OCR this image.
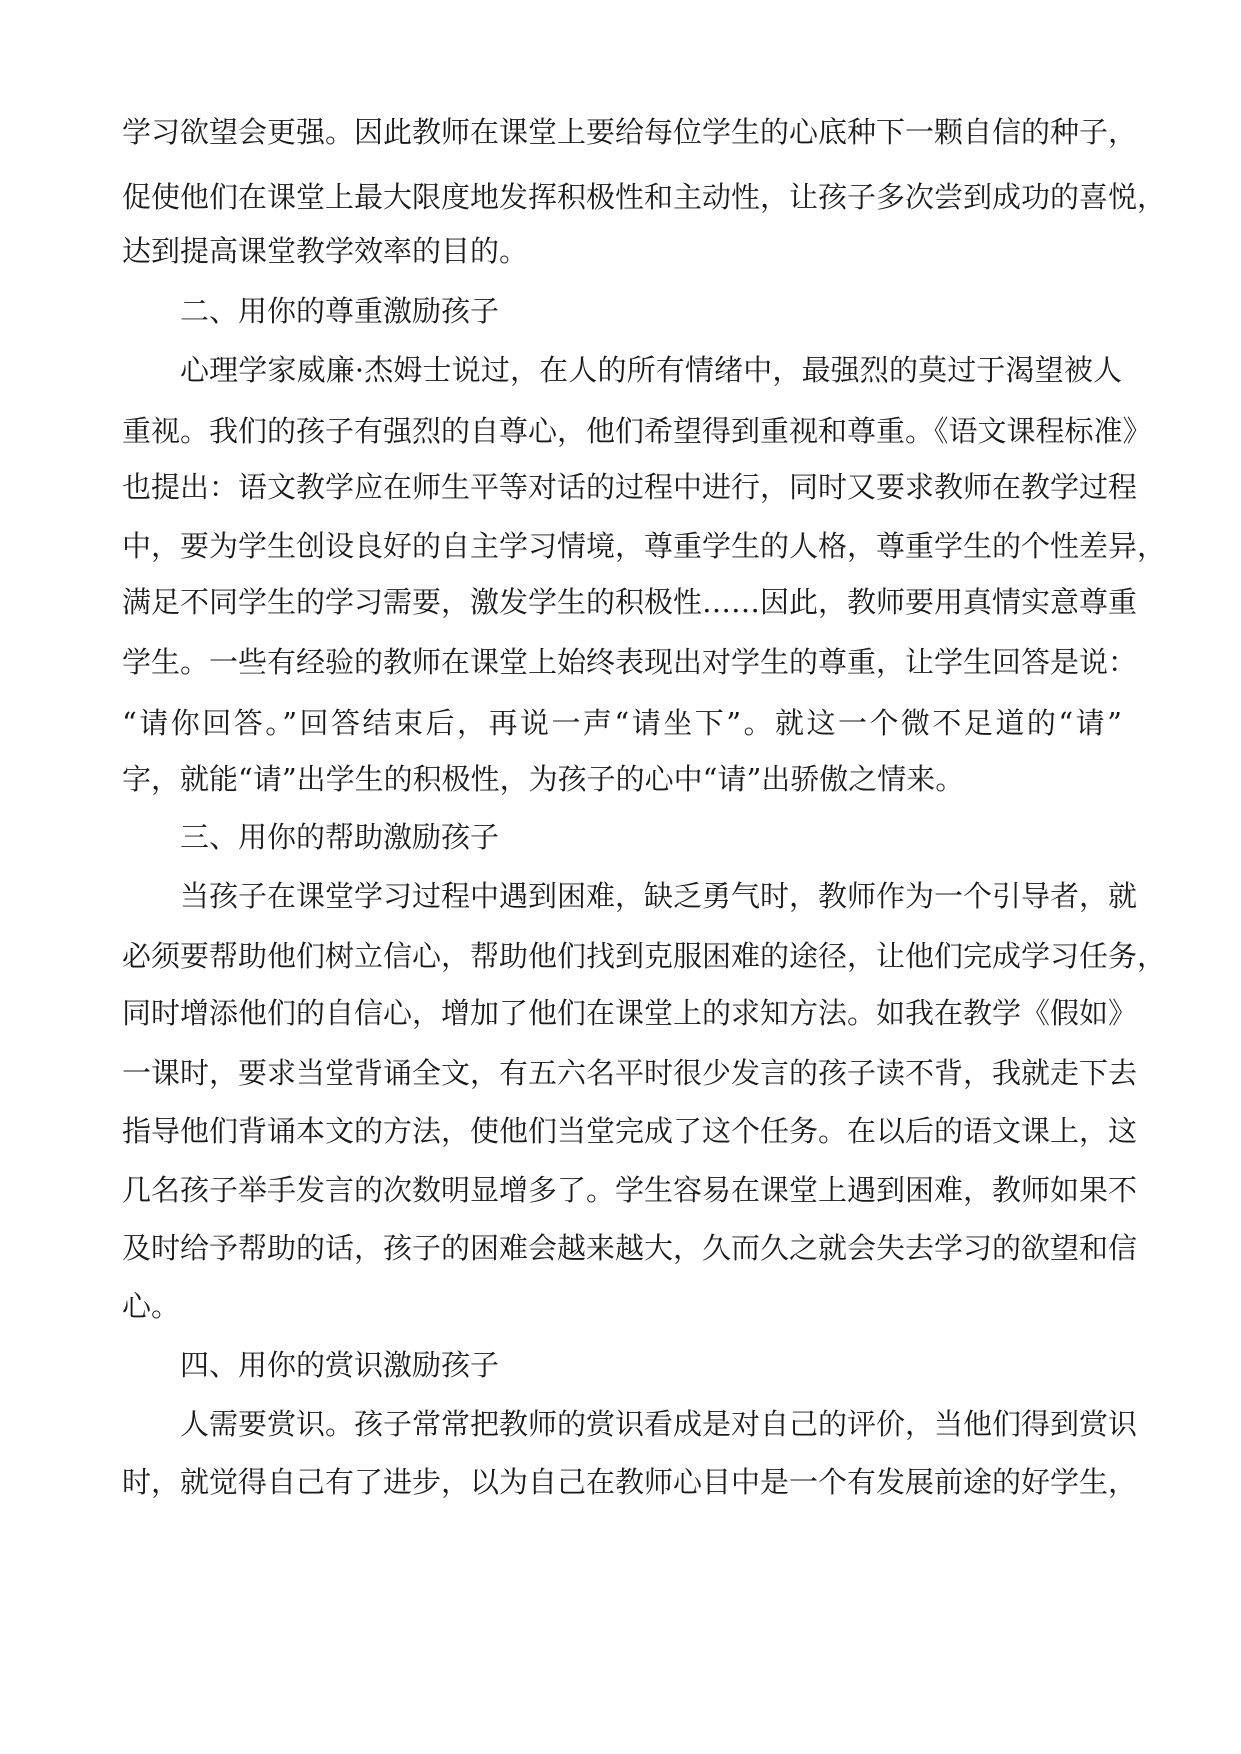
学习欲望会更强。因此教师在课堂上要给每位学生的心底种下一颗自信的种子，
促使他们在课堂上最大限度地发挥积极性和主动性，让孩子多次尝到成功的喜悦，
达到提高课堂教学效率的目的。
二、用你的尊重激励孩子
心理学家威廉·杰姆士说过，在人的所有情绪中，最强烈的莫过于渴望被人
重视。我们的孩子有强烈的自尊心，他们希望得到重视和尊重。《语文课程标准》
也提出：语文教学应在师生平等对话的过程中进行，同时又要求教师在教学过程
中，要为学生创设良好的自主学习情境，尊重学生的人格，尊重学生的个性差异，
满足不同学生的学习需要，激发学生的积极性……因此，教师要用真情实意尊重
学生。一些有经验的教师在课堂上始终表现出对学生的尊重，让学生回答是说：
“请你回答。”回答结束后，再说一声“请坐下”。就这一个微不足道的“请”
字，就能“请”出学生的积极性，为孩子的心中“请”出骄傲之情来。
三、用你的帮助激励孩子
当孩子在课堂学习过程中遇到困难，缺乏勇气时，教师作为一个引导者，就
必须要帮助他们树立信心，帮助他们找到克服困难的途径，让他们完成学习任务，
同时增添他们的自信心，增加了他们在课堂上的求知方法。如我在教学《假如》
一课时，要求当堂背诵全文，有五六名平时很少发言的孩子读不背，我就走下去
指导他们背诵本文的方法，使他们当堂完成了这个任务。在以后的语文课上，这
几名孩子举手发言的次数明显增多了。学生容易在课堂上遇到困难，教师如果不
及时给予帮助的话，孩子的困难会越来越大，久而久之就会失去学习的欲望和信
心。
四、用你的赏识激励孩子
人需要赏识。孩子常常把教师的赏识看成是对自己的评价，当他们得到赏识
时，就觉得自己有了进步，以为自己在教师心目中是一个有发展前途的好学生，
